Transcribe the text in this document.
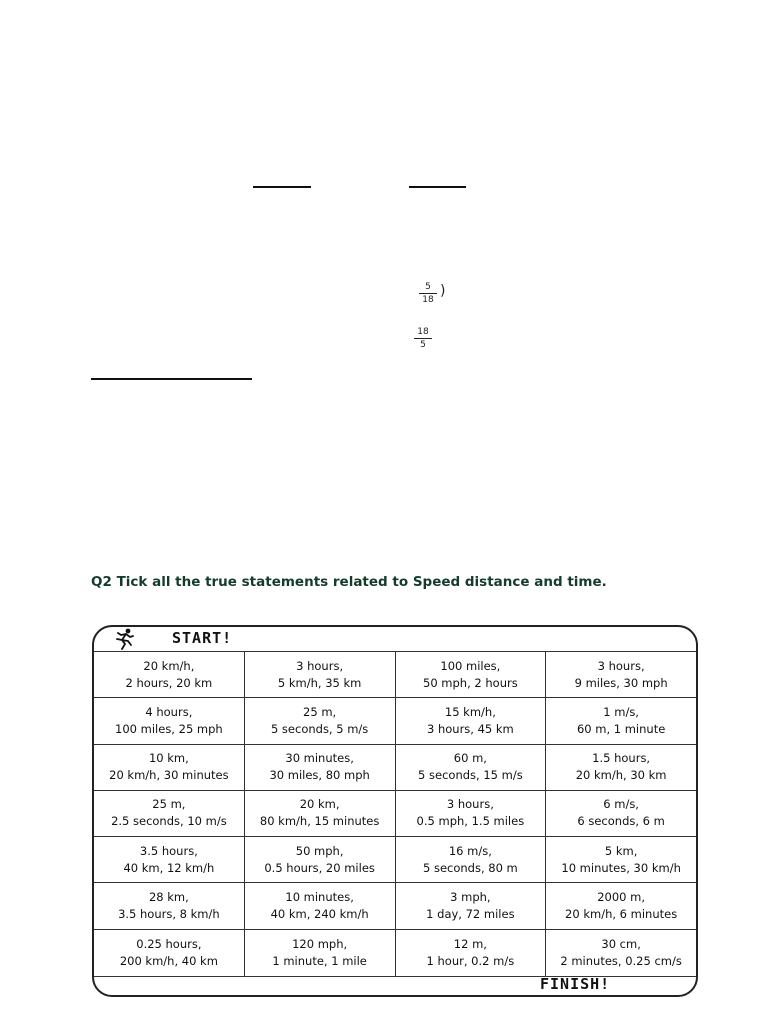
5
18
)
18
5
Q2 Tick all the true statements related to Speed distance and time.
START!
20 km/h,
2 hours, 20 km
3 hours,
5 km/h, 35 km
100 miles,
50 mph, 2 hours
3 hours,
9 miles, 30 mph
4 hours,
100 miles, 25 mph
25 m,
5 seconds, 5 m/s
15 km/h,
3 hours, 45 km
1 m/s,
60 m, 1 minute
10 km,
20 km/h, 30 minutes
30 minutes,
30 miles, 80 mph
60 m,
5 seconds, 15 m/s
1.5 hours,
20 km/h, 30 km
25 m,
2.5 seconds, 10 m/s
20 km,
80 km/h, 15 minutes
3 hours,
0.5 mph, 1.5 miles
6 m/s,
6 seconds, 6 m
3.5 hours,
40 km, 12 km/h
50 mph,
0.5 hours, 20 miles
16 m/s,
5 seconds, 80 m
5 km,
10 minutes, 30 km/h
28 km,
3.5 hours, 8 km/h
10 minutes,
40 km, 240 km/h
3 mph,
1 day, 72 miles
2000 m,
20 km/h, 6 minutes
0.25 hours,
200 km/h, 40 km
120 mph,
1 minute, 1 mile
12 m,
1 hour, 0.2 m/s
30 cm,
2 minutes, 0.25 cm/s
FINISH!
